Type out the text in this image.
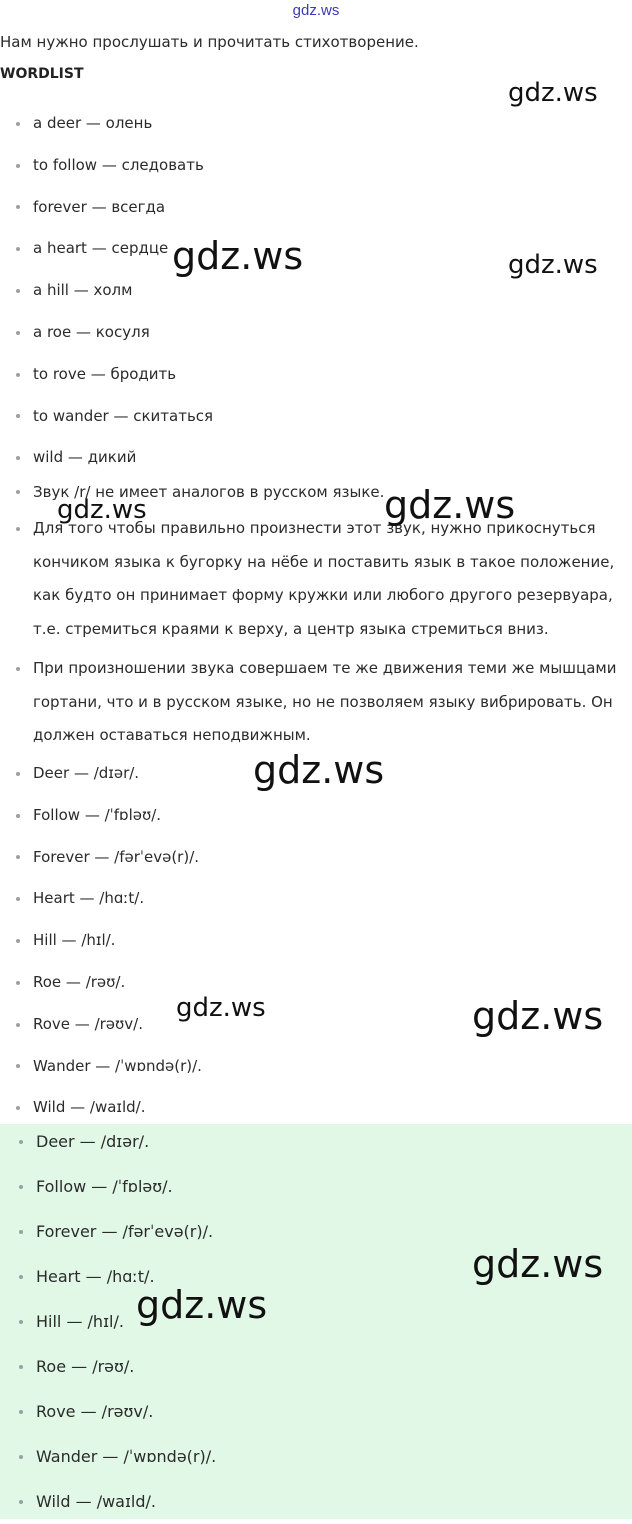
gdz.ws
Нам нужно прослушать и прочитать стихотворение.
WORDLIST
a deer — олень
to follow — следовать
forever — всегда
a heart — сердце
a hill — холм
a roe — косуля
to rove — бродить
to wander — скитаться
wild — дикий
Звук /r/ не имеет аналогов в русском языке.
Для того чтобы правильно произнести этот звук, нужно прикоснуться кончиком языка к бугорку на нёбе и поставить язык в такое положение, как будто он принимает форму кружки или любого другого резервуара, т.е. стремиться краями к верху, а центр языка стремиться вниз.
При произношении звука совершаем те же движения теми же мышцами гортани, что и в русском языке, но не позволяем языку вибрировать. Он должен оставаться неподвижным.
Deer — /dɪər/.
Follow — /ˈfɒləʊ/.
Forever — /fərˈevə(r)/.
Heart — /hɑːt/.
Hill — /hɪl/.
Roe — /rəʊ/.
Rove — /rəʊv/.
Wander — /ˈwɒndə(r)/.
Wild — /waɪld/.
Deer — /dɪər/.
Follow — /ˈfɒləʊ/.
Forever — /fərˈevə(r)/.
Heart — /hɑːt/.
Hill — /hɪl/.
Roe — /rəʊ/.
Rove — /rəʊv/.
Wander — /ˈwɒndə(r)/.
Wild — /waɪld/.
gdz.ws
gdz.ws	gdz.ws
gdz.ws
gdz.ws
gdz.ws
gdz.ws	gdz.ws
gdz.ws
gdz.ws
